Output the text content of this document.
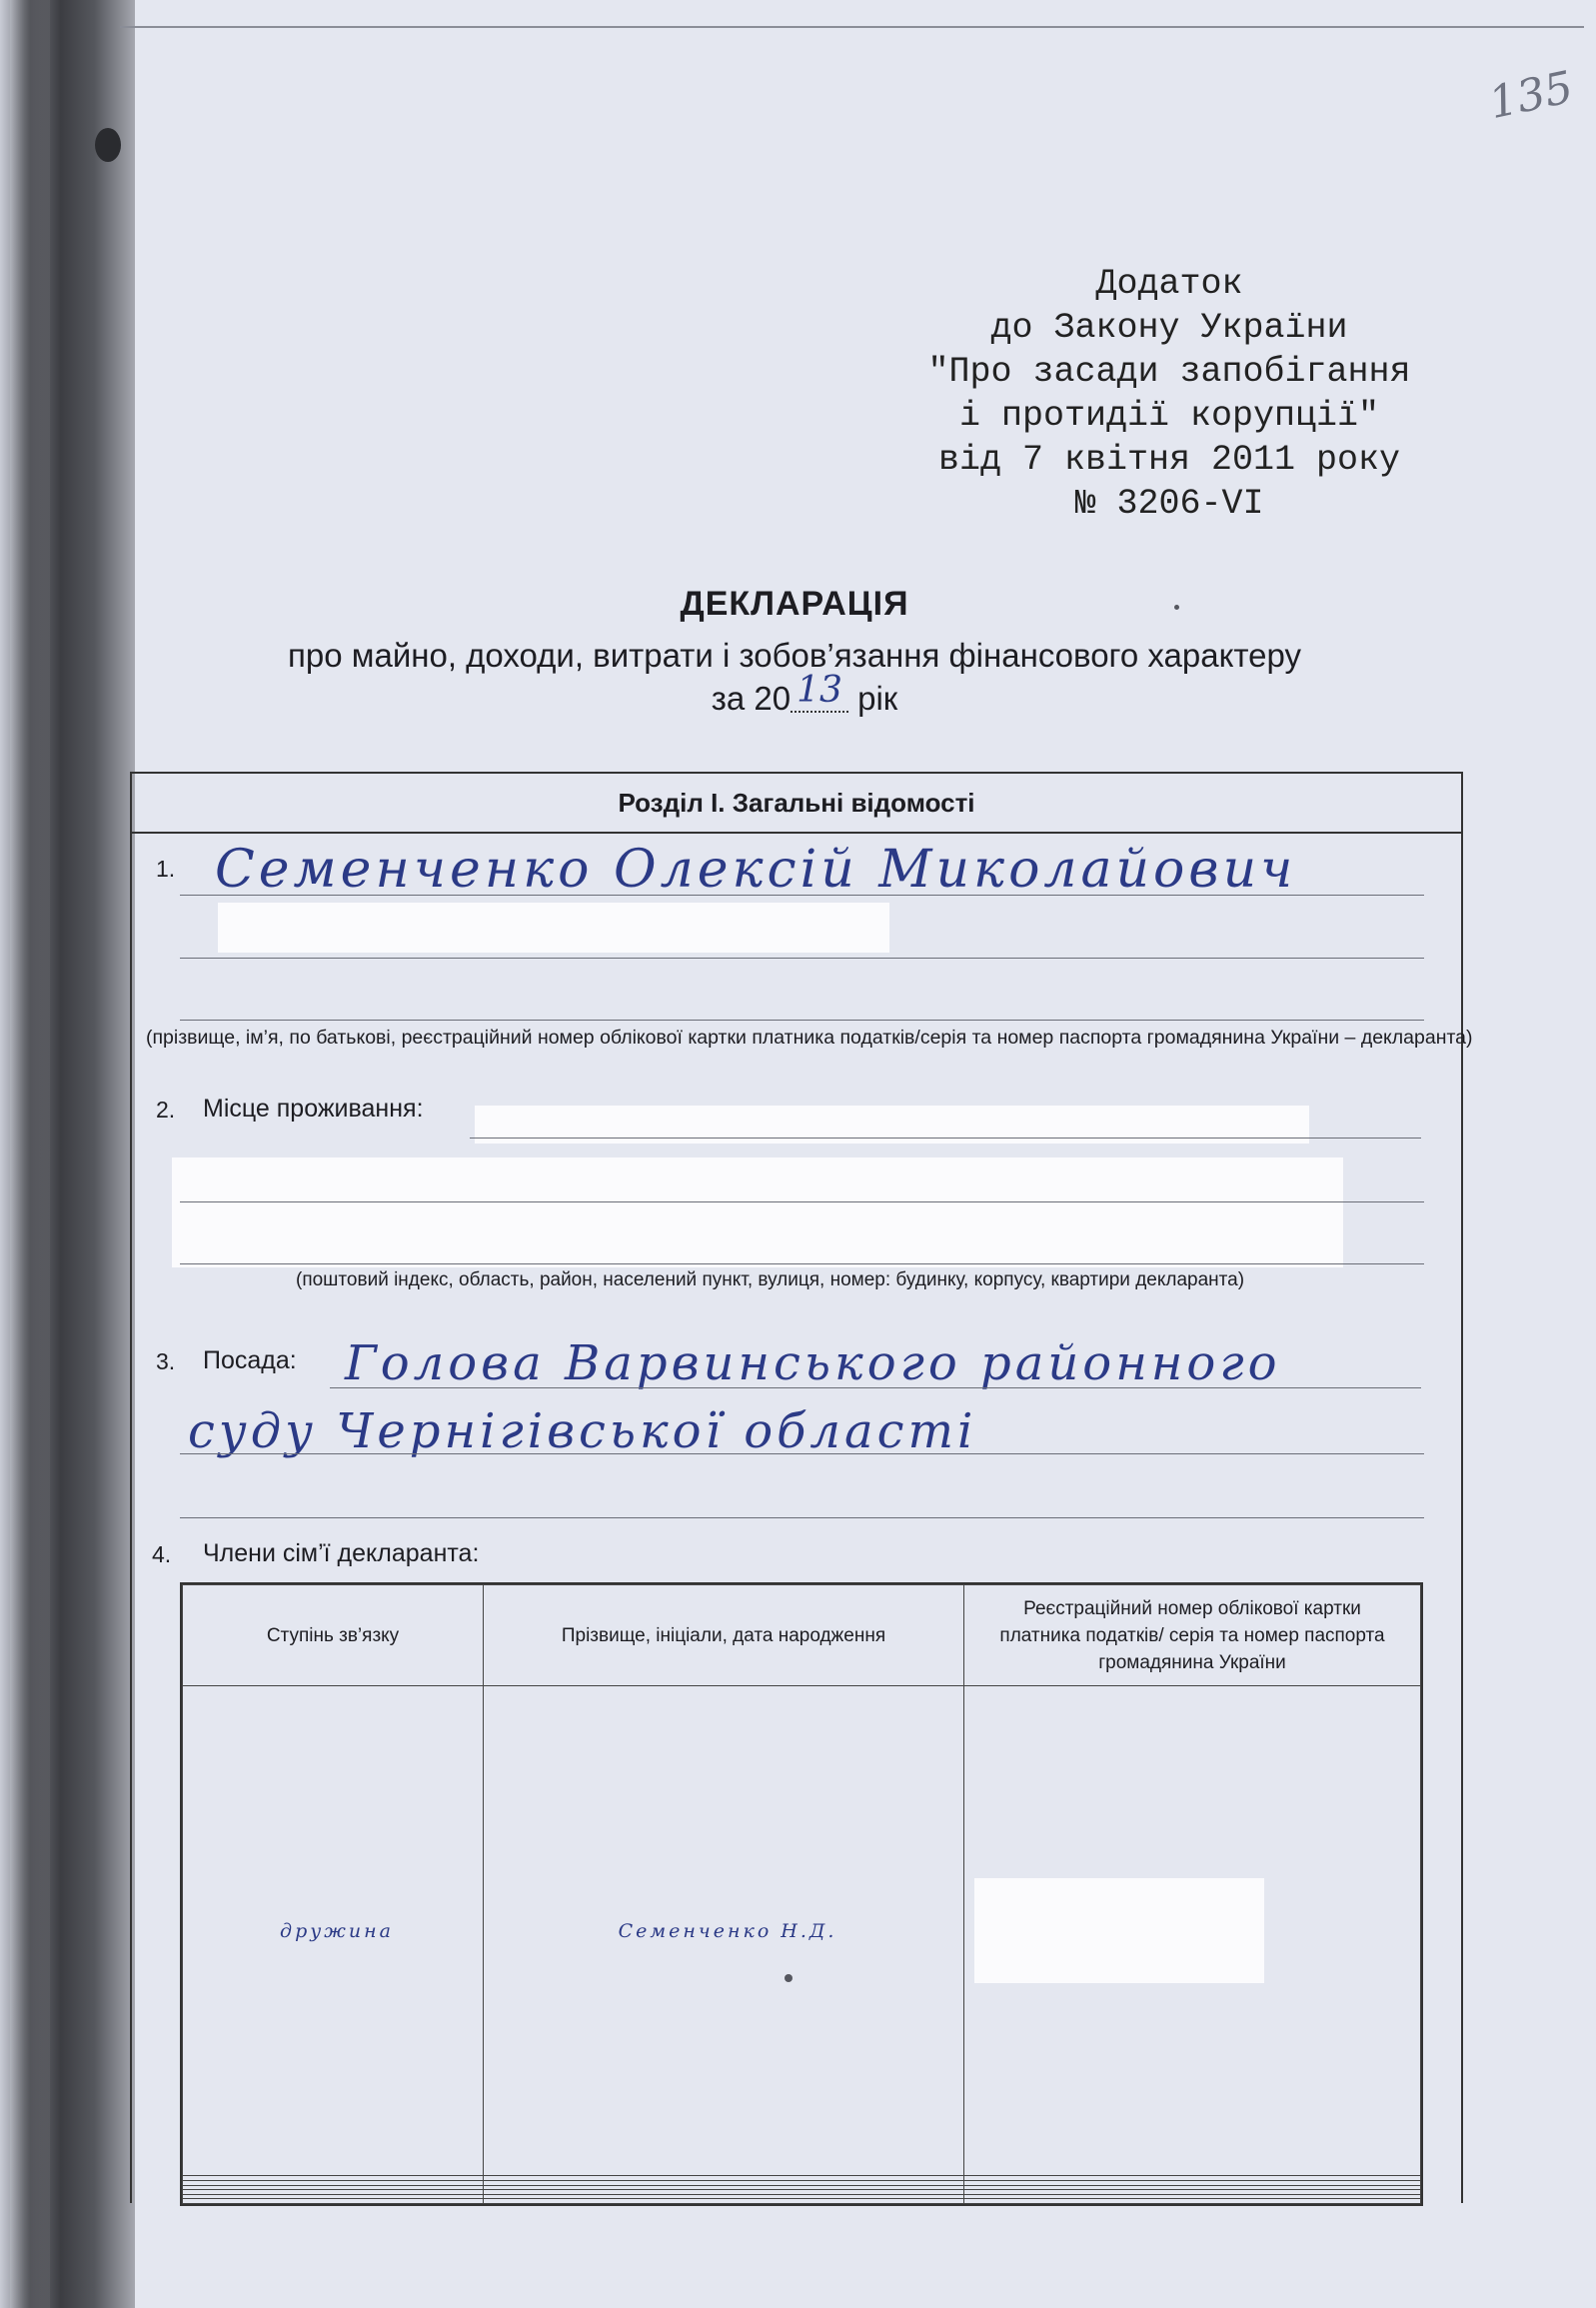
135
Додаток
до Закону України
"Про засади запобігання
і протидії корупції"
від 7 квітня 2011 року
№ 3206-VI
ДЕКЛАРАЦІЯ
про майно, доходи, витрати і зобов’язання фінансового характеру
за 20 13 рік
Розділ I. Загальні відомості
1. Семенченко Олексій Миколайович
(прізвище, ім’я, по батькові, реєстраційний номер облікової картки платника податків/серія та номер паспорта громадянина України – декларанта)
2. Місце проживання:
(поштовий індекс, область, район, населений пункт, вулиця, номер: будинку, корпусу, квартири декларанта)
3. Посада: Голова Варвинського районного
суду Чернігівської області
4. Члени сім’ї декларанта:
Ступінь зв’язку	Прізвище, ініціали, дата народження	Реєстраційний номер облікової картки платника податків/ серія та номер паспорта громадянина України
дружина	Семенченко Н.Д.	
